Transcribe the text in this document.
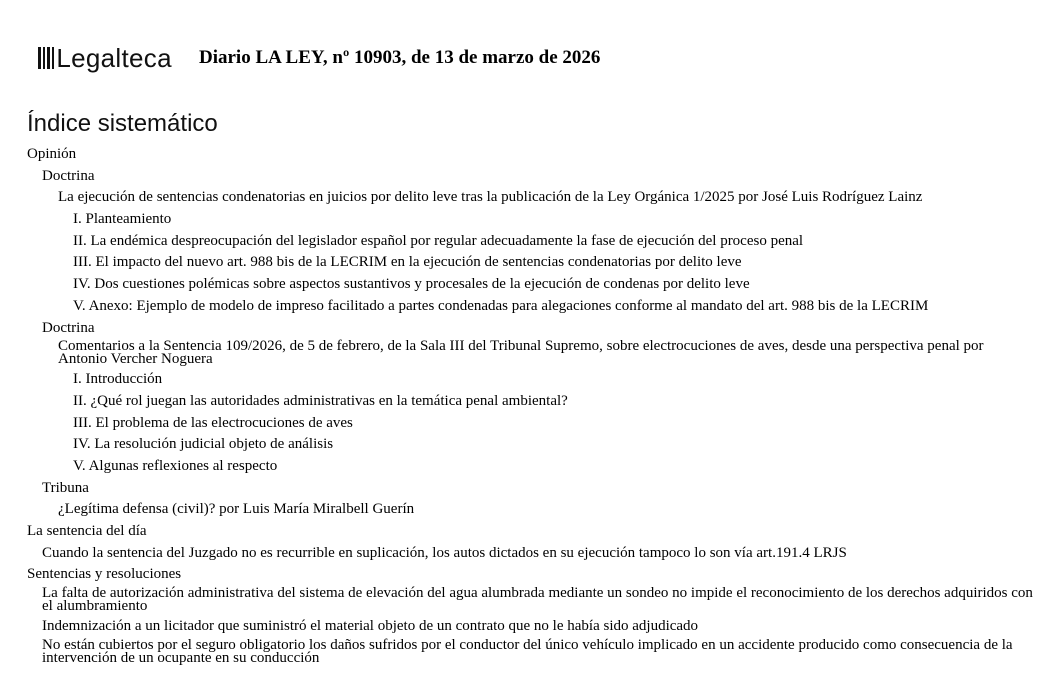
Legalteca Diario LA LEY, nº 10903, de 13 de marzo de 2026
Índice sistemático
Opinión
Doctrina
La ejecución de sentencias condenatorias en juicios por delito leve tras la publicación de la Ley Orgánica 1/2025 por José Luis Rodríguez Lainz
I. Planteamiento
II. La endémica despreocupación del legislador español por regular adecuadamente la fase de ejecución del proceso penal
III. El impacto del nuevo art. 988 bis de la LECRIM en la ejecución de sentencias condenatorias por delito leve
IV. Dos cuestiones polémicas sobre aspectos sustantivos y procesales de la ejecución de condenas por delito leve
V. Anexo: Ejemplo de modelo de impreso facilitado a partes condenadas para alegaciones conforme al mandato del art. 988 bis de la LECRIM
Doctrina
Comentarios a la Sentencia 109/2026, de 5 de febrero, de la Sala III del Tribunal Supremo, sobre electrocuciones de aves, desde una perspectiva penal por Antonio Vercher Noguera
I. Introducción
II. ¿Qué rol juegan las autoridades administrativas en la temática penal ambiental?
III. El problema de las electrocuciones de aves
IV. La resolución judicial objeto de análisis
V. Algunas reflexiones al respecto
Tribuna
¿Legítima defensa (civil)? por Luis María Miralbell Guerín
La sentencia del día
Cuando la sentencia del Juzgado no es recurrible en suplicación, los autos dictados en su ejecución tampoco lo son vía art.191.4 LRJS
Sentencias y resoluciones
La falta de autorización administrativa del sistema de elevación del agua alumbrada mediante un sondeo no impide el reconocimiento de los derechos adquiridos con el alumbramiento
Indemnización a un licitador que suministró el material objeto de un contrato que no le había sido adjudicado
No están cubiertos por el seguro obligatorio los daños sufridos por el conductor del único vehículo implicado en un accidente producido como consecuencia de la intervención de un ocupante en su conducción
